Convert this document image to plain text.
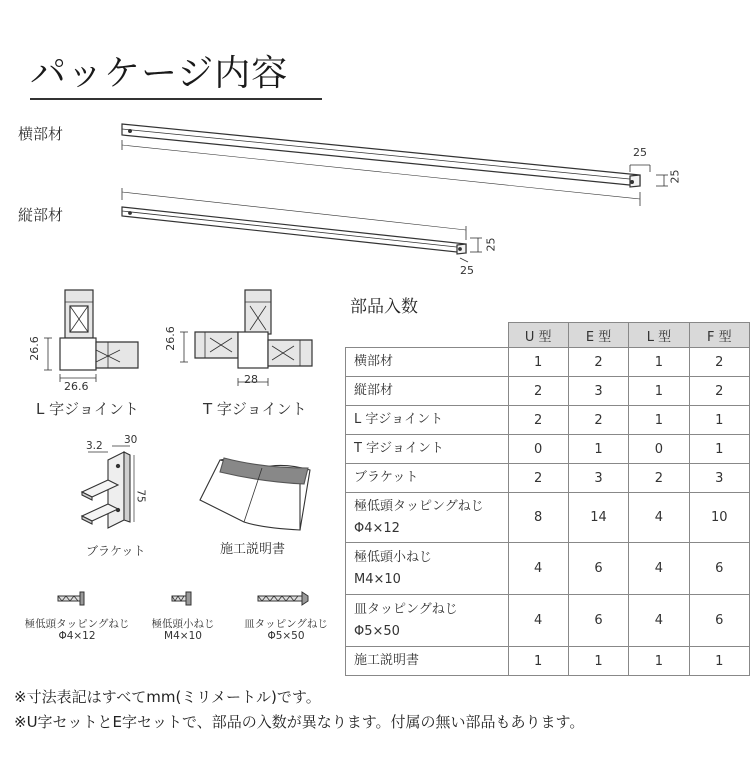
パッケージ内容
横部材
縦部材
25
25
25
25
26.6
26.6
26.6
28
3.2 30
75
L 字ジョイント	T 字ジョイント
ブラケット	施工説明書
極低頭タッピングねじ
Φ4×12
極低頭小ねじ
M4×10
皿タッピングねじ
Φ5×50
部品入数
	U 型	E 型	L 型	F 型

横部材	1	2	1	2

縦部材	2	3	1	2

L 字ジョイント	2	2	1	1

T 字ジョイント	0	1	0	1

ブラケット	2	3	2	3

極低頭タッピングねじ
Φ4×12	8	14	4	10

極低頭小ねじ
M4×10	4	6	4	6

皿タッピングねじ
Φ5×50	4	6	4	6

施工説明書	1	1	1	1
※寸法表記はすべてmm(ミリメートル)です。
※U字セットとE字セットで、部品の入数が異なります。付属の無い部品もあります。
